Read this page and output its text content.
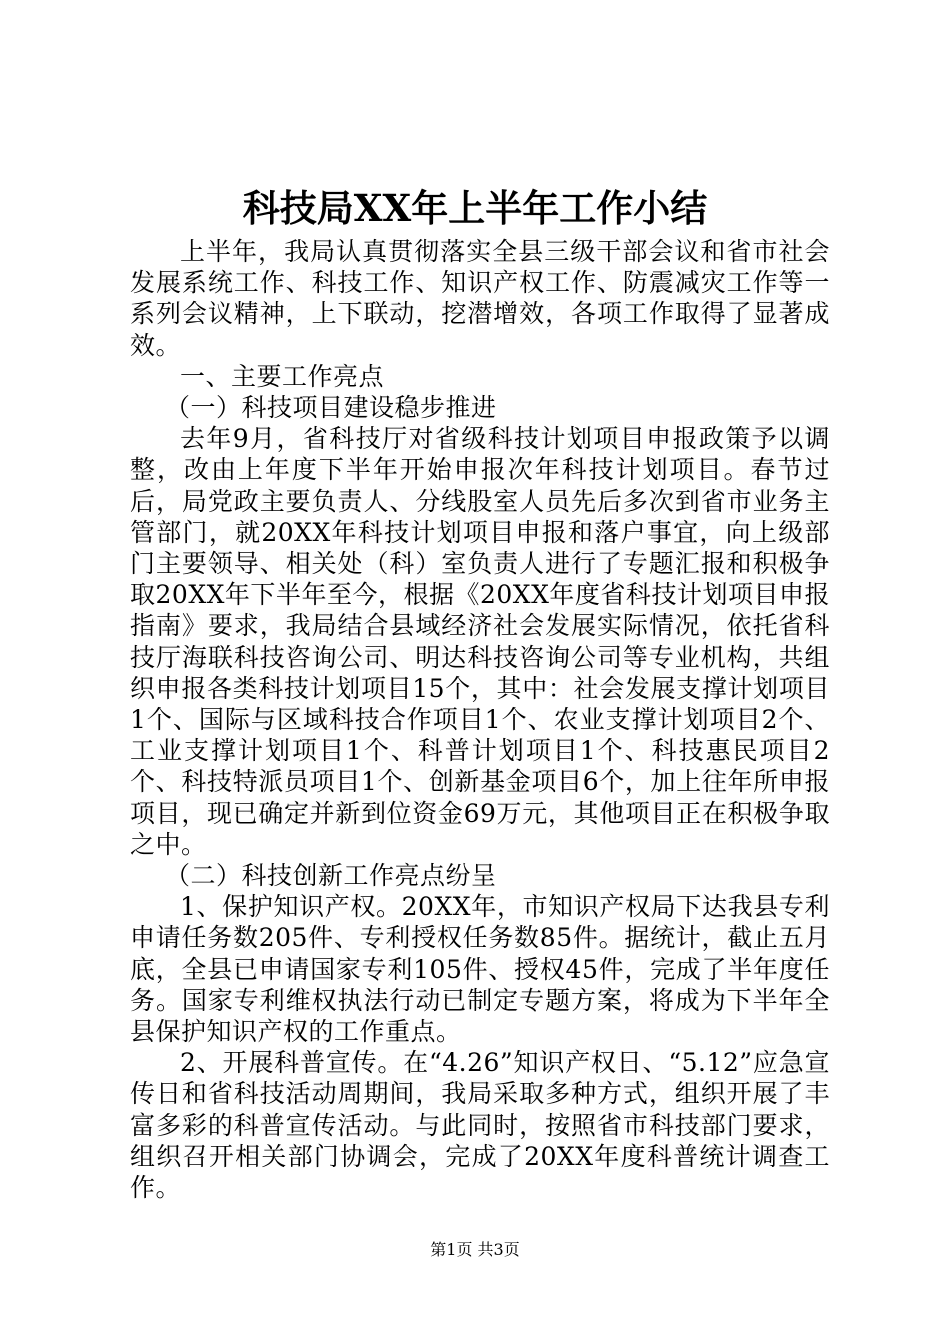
科技局XX年上半年工作小结

上半年，我局认真贯彻落实全县三级干部会议和省市社会发展系统工作、科技工作、知识产权工作、防震减灾工作等一系列会议精神，上下联动，挖潜增效，各项工作取得了显著成效。

一、主要工作亮点

（一）科技项目建设稳步推进

去年9月，省科技厅对省级科技计划项目申报政策予以调整，改由上年度下半年开始申报次年科技计划项目。春节过后，局党政主要负责人、分线股室人员先后多次到省市业务主管部门，就20XX年科技计划项目申报和落户事宜，向上级部门主要领导、相关处（科）室负责人进行了专题汇报和积极争取20XX年下半年至今，根据《20XX年度省科技计划项目申报指南》要求，我局结合县域经济社会发展实际情况，依托省科技厅海联科技咨询公司、明达科技咨询公司等专业机构，共组织申报各类科技计划项目15个，其中：社会发展支撑计划项目1个、国际与区域科技合作项目1个、农业支撑计划项目2个、工业支撑计划项目1个、科普计划项目1个、科技惠民项目2个、科技特派员项目1个、创新基金项目6个，加上往年所申报项目，现已确定并新到位资金69万元，其他项目正在积极争取之中。

（二）科技创新工作亮点纷呈

1、保护知识产权。20XX年，市知识产权局下达我县专利申请任务数205件、专利授权任务数85件。据统计，截止五月底，全县已申请国家专利105件、授权45件，完成了半年度任务。国家专利维权执法行动已制定专题方案，将成为下半年全县保护知识产权的工作重点。

2、开展科普宣传。在“4.26”知识产权日、“5.12”应急宣传日和省科技活动周期间，我局采取多种方式，组织开展了丰富多彩的科普宣传活动。与此同时，按照省市科技部门要求，组织召开相关部门协调会，完成了20XX年度科普统计调查工作。

第1页 共3页
